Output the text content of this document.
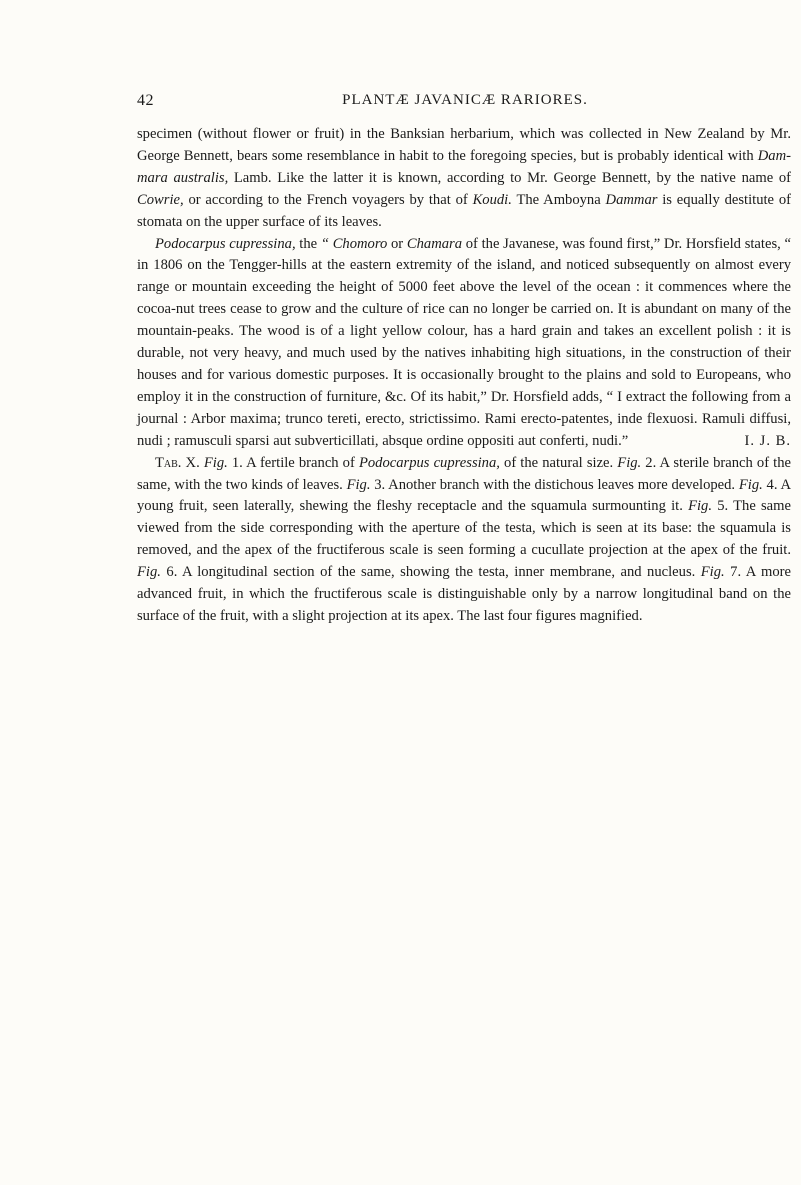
42	PLANTÆ JAVANICÆ RARIORES.

specimen (without flower or fruit) in the Banksian herbarium, which was collected in New Zealand by Mr. George Bennett, bears some resemblance in habit to the foregoing species, but is probably identical with Dam-mara australis, Lamb. Like the latter it is known, according to Mr. George Bennett, by the native name of Cowrie, or according to the French voyagers by that of Koudi. The Amboyna Dammar is equally destitute of stomata on the upper surface of its leaves.

Podocarpus cupressina, the “ Chomoro or Chamara of the Javanese, was found first,” Dr. Horsfield states, “ in 1806 on the Tengger-hills at the eastern extremity of the island, and noticed subsequently on almost every range or mountain exceeding the height of 5000 feet above the level of the ocean : it commences where the cocoa-nut trees cease to grow and the culture of rice can no longer be carried on. It is abundant on many of the mountain-peaks. The wood is of a light yellow colour, has a hard grain and takes an excellent polish : it is durable, not very heavy, and much used by the natives inhabiting high situations, in the construction of their houses and for various domestic purposes. It is occasionally brought to the plains and sold to Europeans, who employ it in the construction of furniture, &c. Of its habit,” Dr. Horsfield adds, “ I extract the following from a journal : Arbor maxima; trunco tereti, erecto, strictissimo. Rami erecto-patentes, inde flexuosi. Ramuli diffusi, nudi ; ramusculi sparsi aut subverticillati, absque ordine oppositi aut conferti, nudi.”	I. J. B.

Tab. X. Fig. 1. A fertile branch of Podocarpus cupressina, of the natural size. Fig. 2. A sterile branch of the same, with the two kinds of leaves. Fig. 3. Another branch with the distichous leaves more developed. Fig. 4. A young fruit, seen laterally, shewing the fleshy receptacle and the squamula surmounting it. Fig. 5. The same viewed from the side corresponding with the aperture of the testa, which is seen at its base: the squamula is removed, and the apex of the fructiferous scale is seen forming a cucullate projection at the apex of the fruit. Fig. 6. A longitudinal section of the same, showing the testa, inner membrane, and nucleus. Fig. 7. A more advanced fruit, in which the fructiferous scale is distinguishable only by a narrow longitudinal band on the surface of the fruit, with a slight projection at its apex. The last four figures magnified.
